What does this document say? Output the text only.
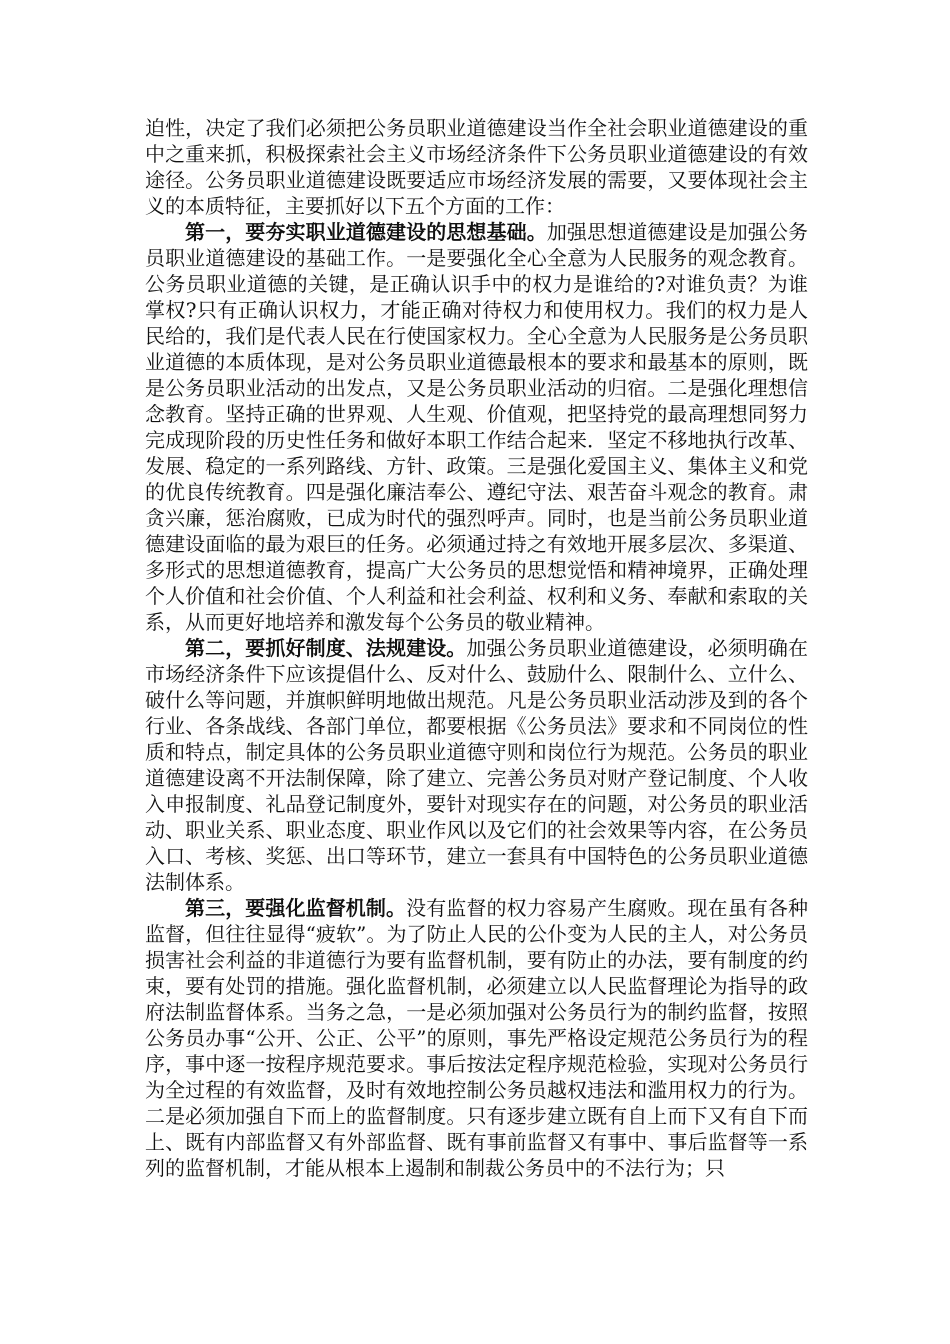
迫性，决定了我们必须把公务员职业道德建设当作全社会职业道德建设的重中之重来抓，积极探索社会主义市场经济条件下公务员职业道德建设的有效途径。公务员职业道德建设既要适应市场经济发展的需要，又要体现社会主义的本质特征，主要抓好以下五个方面的工作：

第一，要夯实职业道德建设的思想基础。加强思想道德建设是加强公务员职业道德建设的基础工作。一是要强化全心全意为人民服务的观念教育。公务员职业道德的关键，是正确认识手中的权力是谁给的?对谁负责？为谁掌权?只有正确认识权力，才能正确对待权力和使用权力。我们的权力是人民给的，我们是代表人民在行使国家权力。全心全意为人民服务是公务员职业道德的本质体现，是对公务员职业道德最根本的要求和最基本的原则，既是公务员职业活动的出发点，又是公务员职业活动的归宿。二是强化理想信念教育。坚持正确的世界观、人生观、价值观，把坚持党的最高理想同努力完成现阶段的历史性任务和做好本职工作结合起来．坚定不移地执行改革、发展、稳定的一系列路线、方针、政策。三是强化爱国主义、集体主义和党的优良传统教育。四是强化廉洁奉公、遵纪守法、艰苦奋斗观念的教育。肃贪兴廉，惩治腐败，已成为时代的强烈呼声。同时，也是当前公务员职业道德建设面临的最为艰巨的任务。必须通过持之有效地开展多层次、多渠道、多形式的思想道德教育，提高广大公务员的思想觉悟和精神境界，正确处理个人价值和社会价值、个人利益和社会利益、权利和义务、奉献和索取的关系，从而更好地培养和激发每个公务员的敬业精神。

第二，要抓好制度、法规建设。加强公务员职业道德建设，必须明确在市场经济条件下应该提倡什么、反对什么、鼓励什么、限制什么、立什么、破什么等问题，并旗帜鲜明地做出规范。凡是公务员职业活动涉及到的各个行业、各条战线、各部门单位，都要根据《公务员法》要求和不同岗位的性质和特点，制定具体的公务员职业道德守则和岗位行为规范。公务员的职业道德建设离不开法制保障，除了建立、完善公务员对财产登记制度、个人收入申报制度、礼品登记制度外，要针对现实存在的问题，对公务员的职业活动、职业关系、职业态度、职业作风以及它们的社会效果等内容，在公务员入口、考核、奖惩、出口等环节，建立一套具有中国特色的公务员职业道德法制体系。

第三，要强化监督机制。没有监督的权力容易产生腐败。现在虽有各种监督，但往往显得“疲软”。为了防止人民的公仆变为人民的主人，对公务员损害社会利益的非道德行为要有监督机制，要有防止的办法，要有制度的约束，要有处罚的措施。强化监督机制，必须建立以人民监督理论为指导的政府法制监督体系。当务之急，一是必须加强对公务员行为的制约监督，按照公务员办事“公开、公正、公平”的原则，事先严格设定规范公务员行为的程序，事中逐一按程序规范要求。事后按法定程序规范检验，实现对公务员行为全过程的有效监督，及时有效地控制公务员越权违法和滥用权力的行为。二是必须加强自下而上的监督制度。只有逐步建立既有自上而下又有自下而上、既有内部监督又有外部监督、既有事前监督又有事中、事后监督等一系列的监督机制，才能从根本上遏制和制裁公务员中的不法行为；只
